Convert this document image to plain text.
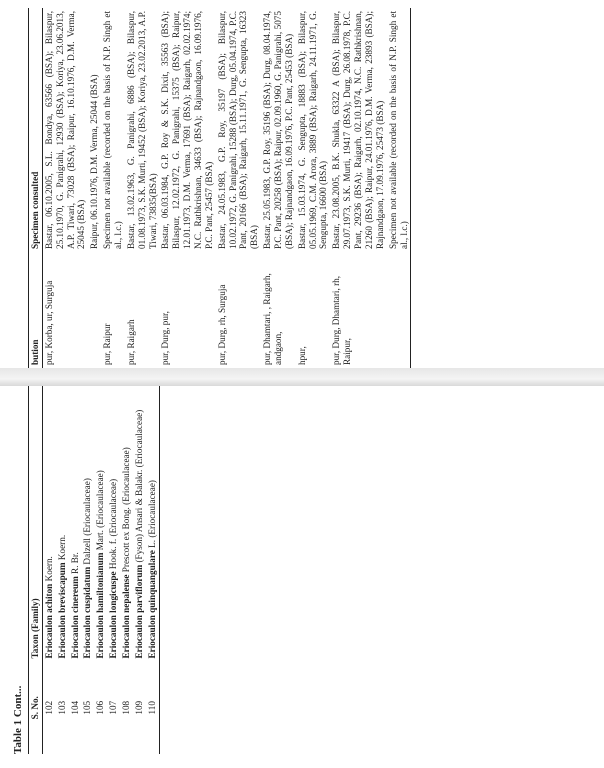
Table 1 Cont... S. No.	Taxon (Family)
102	Eriocaulon achiton Koern.
103	Eriocaulon breviscapum Koern.
104	Eriocaulon cinereum R. Br.
105	Eriocaulon cuspidatum Dalzell (Eriocaulaceae)
106	Eriocaulon hamiltonianum Mart. (Eriocaulaceae)
107	Eriocaulon longicuspe Hook. f. (Eriocaulaceae)
108	Eriocaulon nepalense Prescott ex Bong. (Eriocaulaceae)
109	Eriocaulon parviflorum (Fyson) Ansari & Balakr. (Eriocaulaceae)
110	Eriocaulon quinquangulare L. (Eriocaulaceae)
bution	Specimen consulted
pur, Korba, ur, Surguja	Bastar, 06.10.2005, S.L. Bondya, 63566 (BSA); Bilaspur, 25.10.1970, G. Panigrahi, 12930 (BSA); Koriya, 23.06.2013, A.P. Tiwari, 73028 (BSA); Raipur, 16.10.1976, D.M. Verma, 25045 (BSA)
	Raipur, 06.10.1976, D.M. Verma, 25044 (BSA)
pur, Raipur	Specimen not available (recorded on the basis of N.P. Singh et al., l.c.)
pur, Raigarh	Bastar, 13.02.1963, G. Panigrahi, 6886 (BSA); Bilaspur, 01.08.1973, S.K. Murti, 19452 (BSA); Koriya, 23.02.2013, A.P. Tiwari, 73835(BSA)
pur, Durg, pur,	Bastar, 06.03.1984, G.P. Roy & S.K. Dixit, 35563 (BSA); Bilaspur, 12.02.1972, G. Panigrahi, 15375 (BSA); Raipur, 12.01.1973, D.M. Verma, 17691 (BSA); Raigarh, 02.02.1974; N.C. Rathkrishnan, 34633 (BSA); Rajnandgaon, 16.09.1976, P.C. Pant, 25457 (BSA)
pur, Durg, rh, Surguja	Bastar, 24.05.1983, G.P. Roy, 35197 (BSA); Bilaspur, 10.02.1972, G. Panigrahi, 15288 (BSA); Durg, 05.04.1974, P.C. Pant, 20166 (BSA); Raigarh, 15.11.1971, G. Sengupta, 16323 (BSA)
pur, Dhamtari, , Raigarh, andgaon,	Bastar, 25.05.1983, G.P. Roy, 35196 (BSA); Durg, 08.04.1974, P.C. Pant, 20258 (BSA); Raipur, 02.09.1960, G. Panigrahi, 5075 (BSA); Rajnandgaon, 16.09.1976, P.C. Pant, 25453 (BSA)
hpur,	Bastar, 15.03.1974, G. Sengupta, 18883 (BSA); Bilaspur, 05.05.1969, C.M. Arora, 3889 (BSA); Raigarh, 24.11.1971, G. Sengupta, 16600 (BSA)
pur, Durg, Dhamtari, rh, Raipur,	Bastar, 23.08.2005, B.K. Shukla, 63322 A (BSA); Bilaspur, 29.07.1973, S.K. Murti, 19417 (BSA); Durg, 26.08.1978, P.C. Pant, 29236 (BSA); Raigarh, 02.10.1974, N.C. Rathkrishnan, 21260 (BSA); Raipur, 24.01.1976, D.M. Verma, 23893 (BSA); Rajnandgaon, 17.09.1976, 25473 (BSA)
	Specimen not available (recorded on the basis of N.P. Singh et al., l.c.)
